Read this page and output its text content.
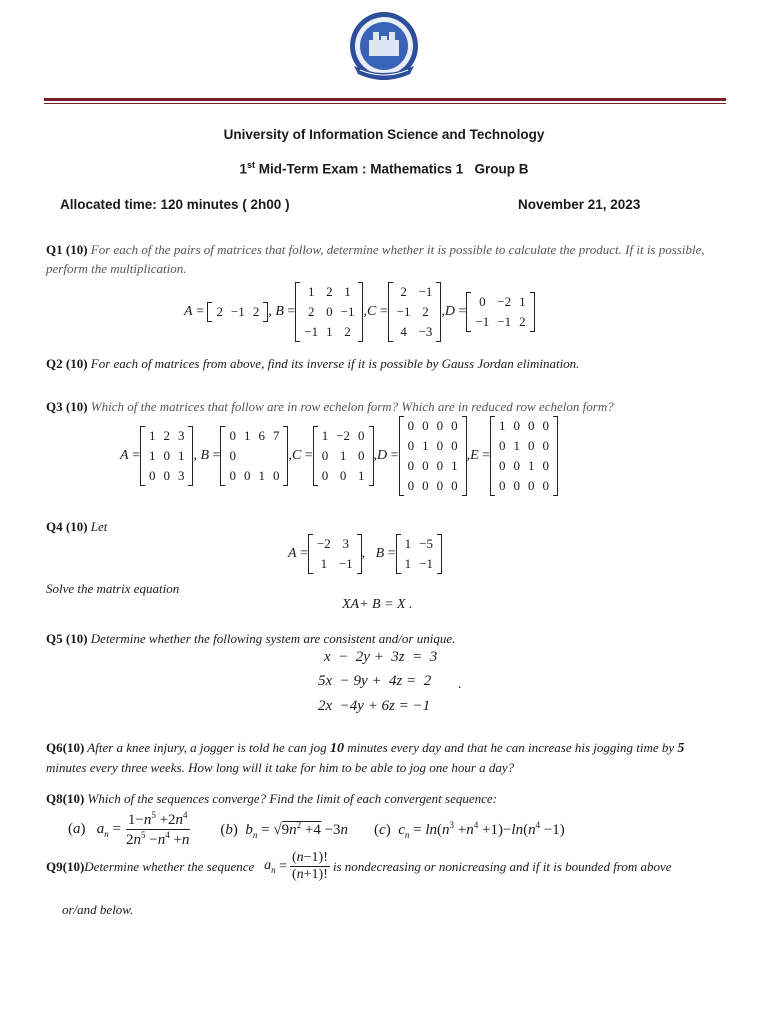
University of Information Science and Technology
1st Mid-Term Exam : Mathematics 1   Group B
Allocated time: 120 minutes ( 2h00 )	November 21, 2023
Q1 (10) For each of the pairs of matrices that follow, determine whether it is possible to calculate the product. If it is possible, perform the multiplication.
A = 2	−1	2 , B =
1	2	1
2	0	−1
−1	1	2
, C =
2	−1
−1	2
4	−3
, D =
0	−2	1
−1	−1	2
Q2 (10) For each of matrices from above, find its inverse if it is possible by Gauss Jordan elimination.
Q3 (10) Which of the matrices that follow are in row echelon form? Which are in reduced row echelon form?
A =
1	2	3
1	0	1
0	0	3
, B =
0	1	6	7
0			
0	0	1	0
, C =
1	−2	0
0	1	0
0	0	1
, D =
0	0	0	0
0	1	0	0
0	0	0	1
0	0	0	0
, E =
1	0	0	0
0	1	0	0
0	0	1	0
0	0	0	0
Q4 (10) Let
A =
−2	3
1	−1
, B =
1	−5
1	−1
Solve the matrix equation
XA+ B = X .
Q5 (10) Determine whether the following system are consistent and/or unique.
x  −  2y +  3z  =  3
5x  − 9y +  4z =  2 .
2x  −4y + 6z = −1
Q6(10) After a knee injury, a jogger is told he can jog 10 minutes every day and that he can increase his jogging time by 5 minutes every three weeks. How long will it take for him to be able to jog one hour a day?
Q8(10) Which of the sequences converge? Find the limit of each convergent sequence:
( a ) $a_n = \frac{1-n^5 +2n^4}{2n^5 -n^4 +n} (b) b_n = √9n^2 +4 -3n$ (c)  $c_n = \ln(n^3 +n^4 +1)-\ln(n^4 -1)$
Q9(10) Determine whether the sequence
$a_n = \frac{(n-1)!}{(n+1)!}$ is nondecreasing or nonicreasing and if it is bounded from above
or/and below.
